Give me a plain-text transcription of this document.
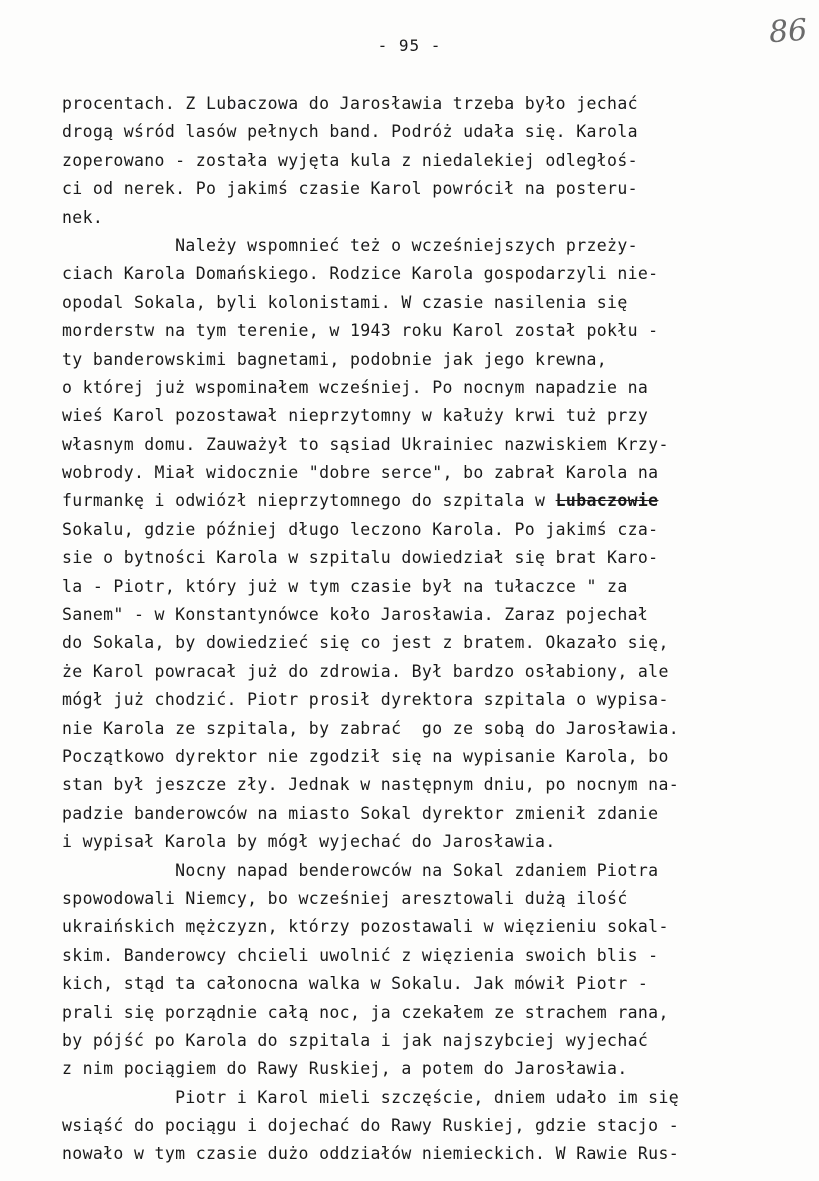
- 95 -	86
procentach. Z Lubaczowa do Jarosławia trzeba było jechać
drogą wśród lasów pełnych band. Podróż udała się. Karola
zoperowano - została wyjęta kula z niedalekiej odległoś-
ci od nerek. Po jakimś czasie Karol powrócił na posteru-
nek.
Należy wspomnieć też o wcześniejszych przeży-
ciach Karola Domańskiego. Rodzice Karola gospodarzyli nie-
opodal Sokala, byli kolonistami. W czasie nasilenia się
morderstw na tym terenie, w 1943 roku Karol został pokłu -
ty banderowskimi bagnetami, podobnie jak jego krewna,
o której już wspominałem wcześniej. Po nocnym napadzie na
wieś Karol pozostawał nieprzytomny w kałuży krwi tuż przy
własnym domu. Zauważył to sąsiad Ukrainiec nazwiskiem Krzy-
wobrody. Miał widocznie "dobre serce", bo zabrał Karola na
furmankę i odwiózł nieprzytomnego do szpitala w Lubaczowie
Sokalu, gdzie później długo leczono Karola. Po jakimś cza-
sie o bytności Karola w szpitalu dowiedział się brat Karo-
la - Piotr, który już w tym czasie był na tułaczce " za
Sanem" - w Konstantynówce koło Jarosławia. Zaraz pojechał
do Sokala, by dowiedzieć się co jest z bratem. Okazało się,
że Karol powracał już do zdrowia. Był bardzo osłabiony, ale
mógł już chodzić. Piotr prosił dyrektora szpitala o wypisa-
nie Karola ze szpitala, by zabrać  go ze sobą do Jarosławia.
Początkowo dyrektor nie zgodził się na wypisanie Karola, bo
stan był jeszcze zły. Jednak w następnym dniu, po nocnym na-
padzie banderowców na miasto Sokal dyrektor zmienił zdanie
i wypisał Karola by mógł wyjechać do Jarosławia.
Nocny napad benderowców na Sokal zdaniem Piotra
spowodowali Niemcy, bo wcześniej aresztowali dużą ilość
ukraińskich mężczyzn, którzy pozostawali w więzieniu sokal-
skim. Banderowcy chcieli uwolnić z więzienia swoich blis -
kich, stąd ta całonocna walka w Sokalu. Jak mówił Piotr -
prali się porządnie całą noc, ja czekałem ze strachem rana,
by pójść po Karola do szpitala i jak najszybciej wyjechać
z nim pociągiem do Rawy Ruskiej, a potem do Jarosławia.
Piotr i Karol mieli szczęście, dniem udało im się
wsiąść do pociągu i dojechać do Rawy Ruskiej, gdzie stacjo -
nowało w tym czasie dużo oddziałów niemieckich. W Rawie Rus-
